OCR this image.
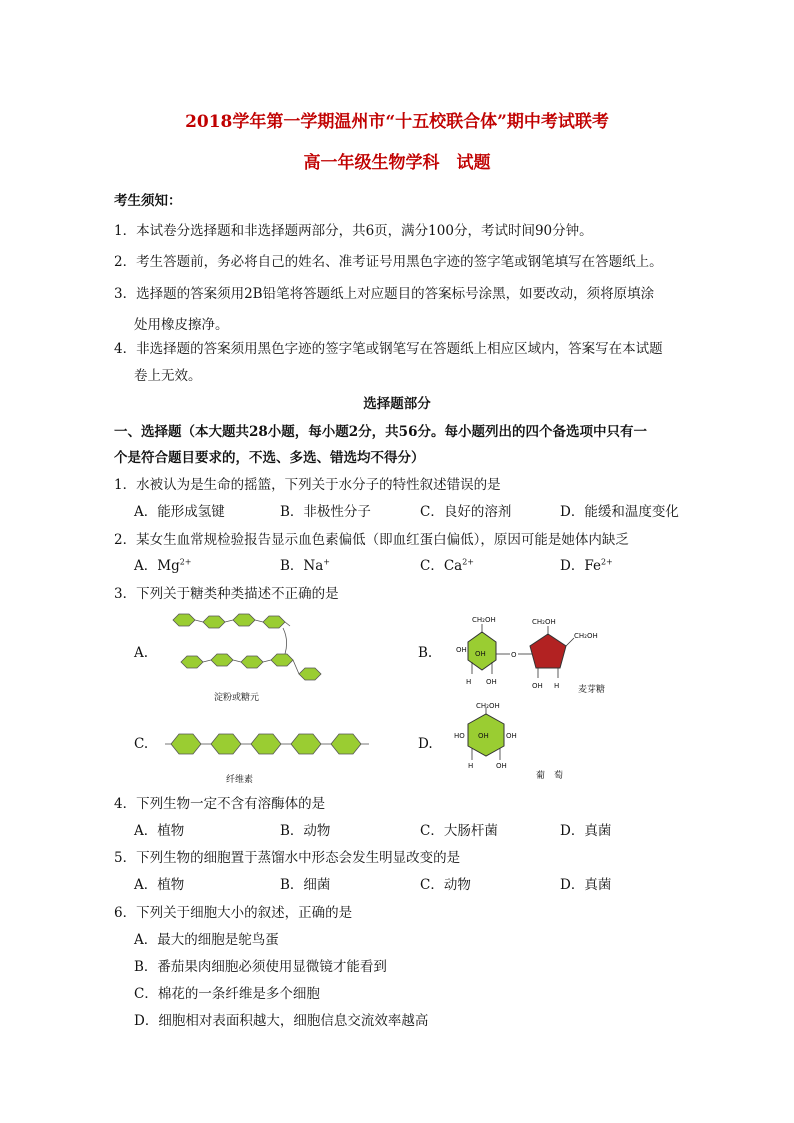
2018学年第一学期温州市“十五校联合体”期中考试联考
高一年级生物学科　试题
考生须知：
1．本试卷分选择题和非选择题两部分，共6页，满分100分，考试时间90分钟。
2．考生答题前，务必将自己的姓名、准考证号用黑色字迹的签字笔或钢笔填写在答题纸上。
3．选择题的答案须用2B铅笔将答题纸上对应题目的答案标号涂黑，如要改动，须将原填涂
处用橡皮擦净。
4．非选择题的答案须用黑色字迹的签字笔或钢笔写在答题纸上相应区域内，答案写在本试题
卷上无效。
选择题部分
一、选择题（本大题共28小题，每小题2分，共56分。每小题列出的四个备选项中只有一
个是符合题目要求的，不选、多选、错选均不得分）
1．水被认为是生命的摇篮，下列关于水分子的特性叙述错误的是
A．能形成氢键	B．非极性分子	C．良好的溶剂	D．能缓和温度变化
2．某女生血常规检验报告显示血色素偏低（即血红蛋白偏低），原因可能是她体内缺乏
A．$Mg^{2+}$	B．Na+	C．$Ca^{2+}$	D．$Fe^{2+}$
3．下列关于糖类种类描述不正确的是
A.	B.
C.	D.
淀粉或糖元
CH₂OH	CH₂OH
CH₂OH
O
OH OH
H OH	OH H 麦芽糖
纤维素
CH₂OH
HO OH OH
H	OH
葡　萄
4．下列生物一定不含有溶酶体的是
A．植物	B．动物	C．大肠杆菌	D．真菌
5．下列生物的细胞置于蒸馏水中形态会发生明显改变的是
A．植物	B．细菌	C．动物	D．真菌
6．下列关于细胞大小的叙述，正确的是
A．最大的细胞是鸵鸟蛋
B．番茄果肉细胞必须使用显微镜才能看到
C．棉花的一条纤维是多个细胞
D．细胞相对表面积越大，细胞信息交流效率越高
